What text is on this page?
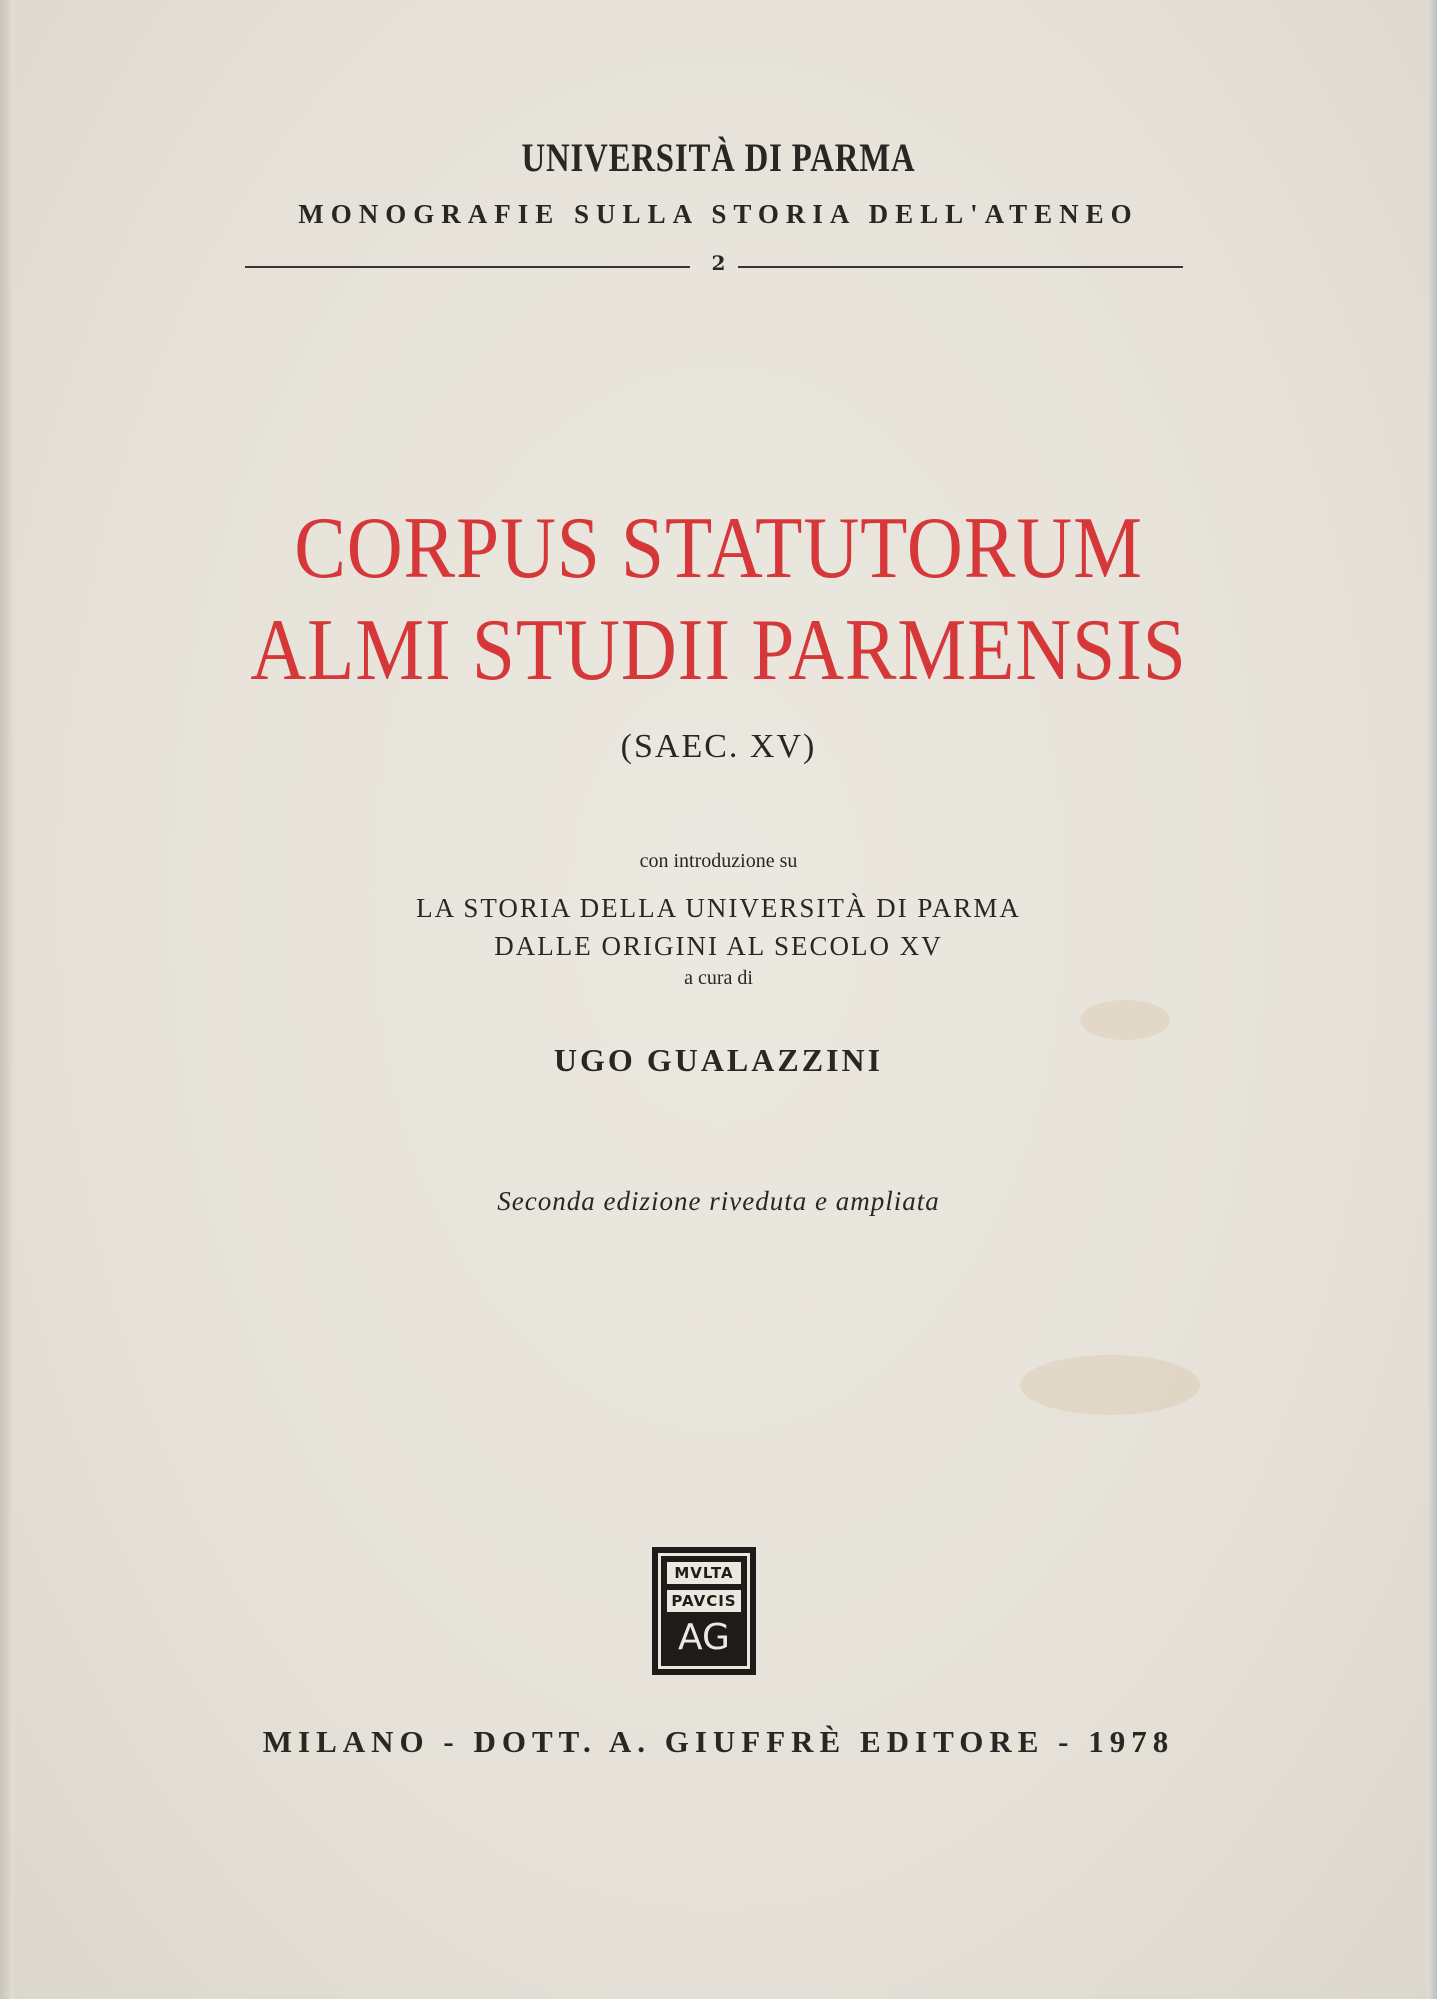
UNIVERSITÀ DI PARMA
MONOGRAFIE SULLA STORIA DELL'ATENEO
2
CORPUS STATUTORUM
ALMI STUDII PARMENSIS
(SAEC. XV)
con introduzione su
LA STORIA DELLA UNIVERSITÀ DI PARMA
DALLE ORIGINI AL SECOLO XV
a cura di
UGO GUALAZZINI
Seconda edizione riveduta e ampliata
MVLTA
PAVCIS
AG
MILANO - DOTT. A. GIUFFRÈ EDITORE - 1978
